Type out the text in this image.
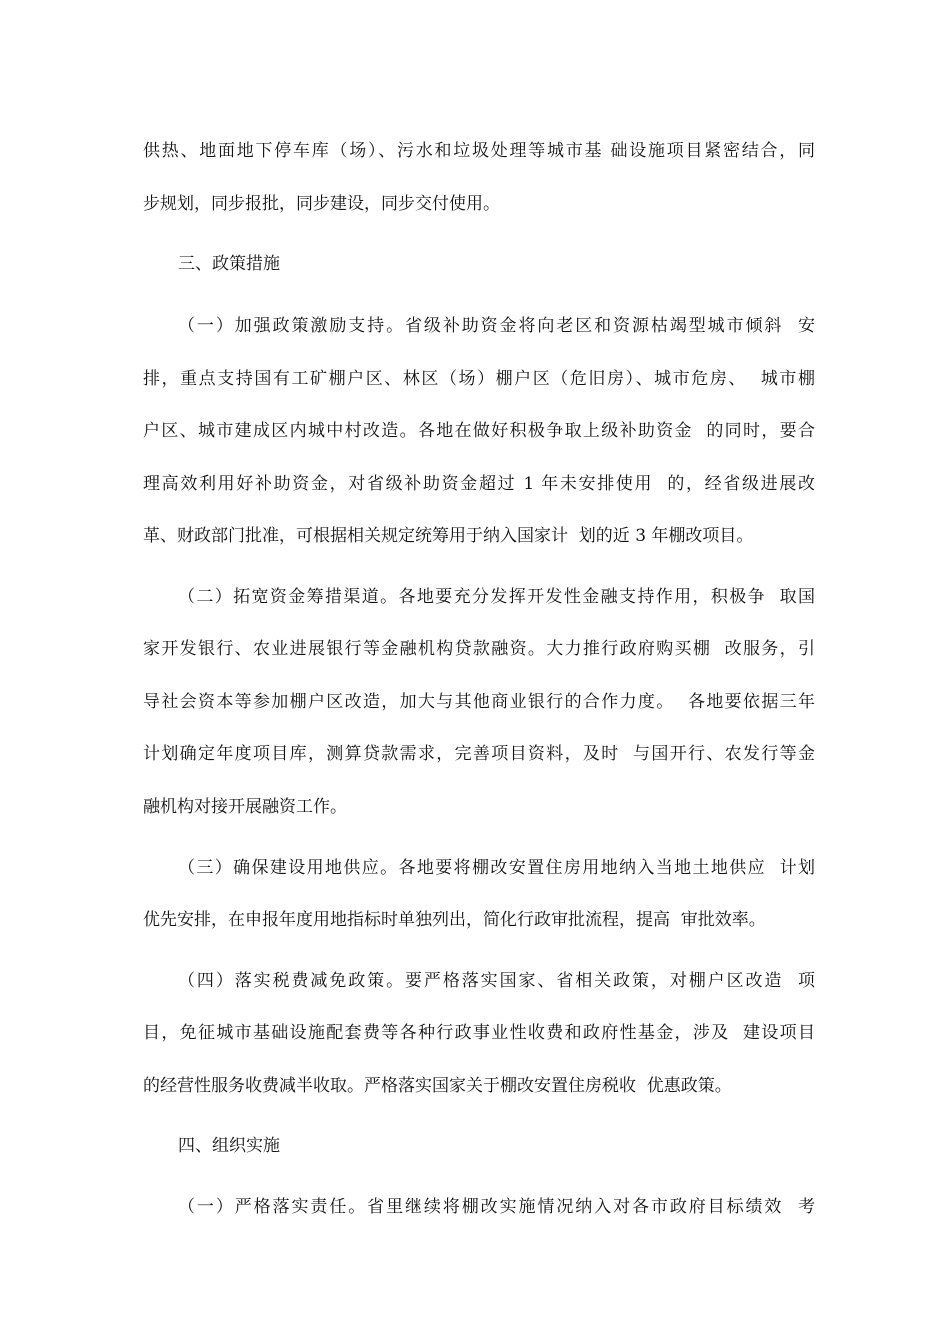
供热、地面地下停车库（场）、污水和垃圾处理等城市基 础设施项目紧密结合，同
步规划，同步报批，同步建设，同步交付使用。
三、政策措施
（一）加强政策激励支持。省级补助资金将向老区和资源枯竭型城市倾斜  安
排，重点支持国有工矿棚户区、林区（场）棚户区（危旧房）、城市危房、  城市棚
户区、城市建成区内城中村改造。各地在做好积极争取上级补助资金  的同时，要合
理高效利用好补助资金，对省级补助资金超过 1 年未安排使用  的，经省级进展改
革、财政部门批准，可根据相关规定统筹用于纳入国家计  划的近 3 年棚改项目。
（二）拓宽资金筹措渠道。各地要充分发挥开发性金融支持作用，积极争  取国
家开发银行、农业进展银行等金融机构贷款融资。大力推行政府购买棚  改服务，引
导社会资本等参加棚户区改造，加大与其他商业银行的合作力度。  各地要依据三年
计划确定年度项目库，测算贷款需求，完善项目资料，及时  与国开行、农发行等金
融机构对接开展融资工作。
（三）确保建设用地供应。各地要将棚改安置住房用地纳入当地土地供应  计划
优先安排，在申报年度用地指标时单独列出，简化行政审批流程，提高  审批效率。
（四）落实税费减免政策。要严格落实国家、省相关政策，对棚户区改造  项
目，免征城市基础设施配套费等各种行政事业性收费和政府性基金，涉及  建设项目
的经营性服务收费减半收取。严格落实国家关于棚改安置住房税收  优惠政策。
四、组织实施
（一）严格落实责任。省里继续将棚改实施情况纳入对各市政府目标绩效  考
